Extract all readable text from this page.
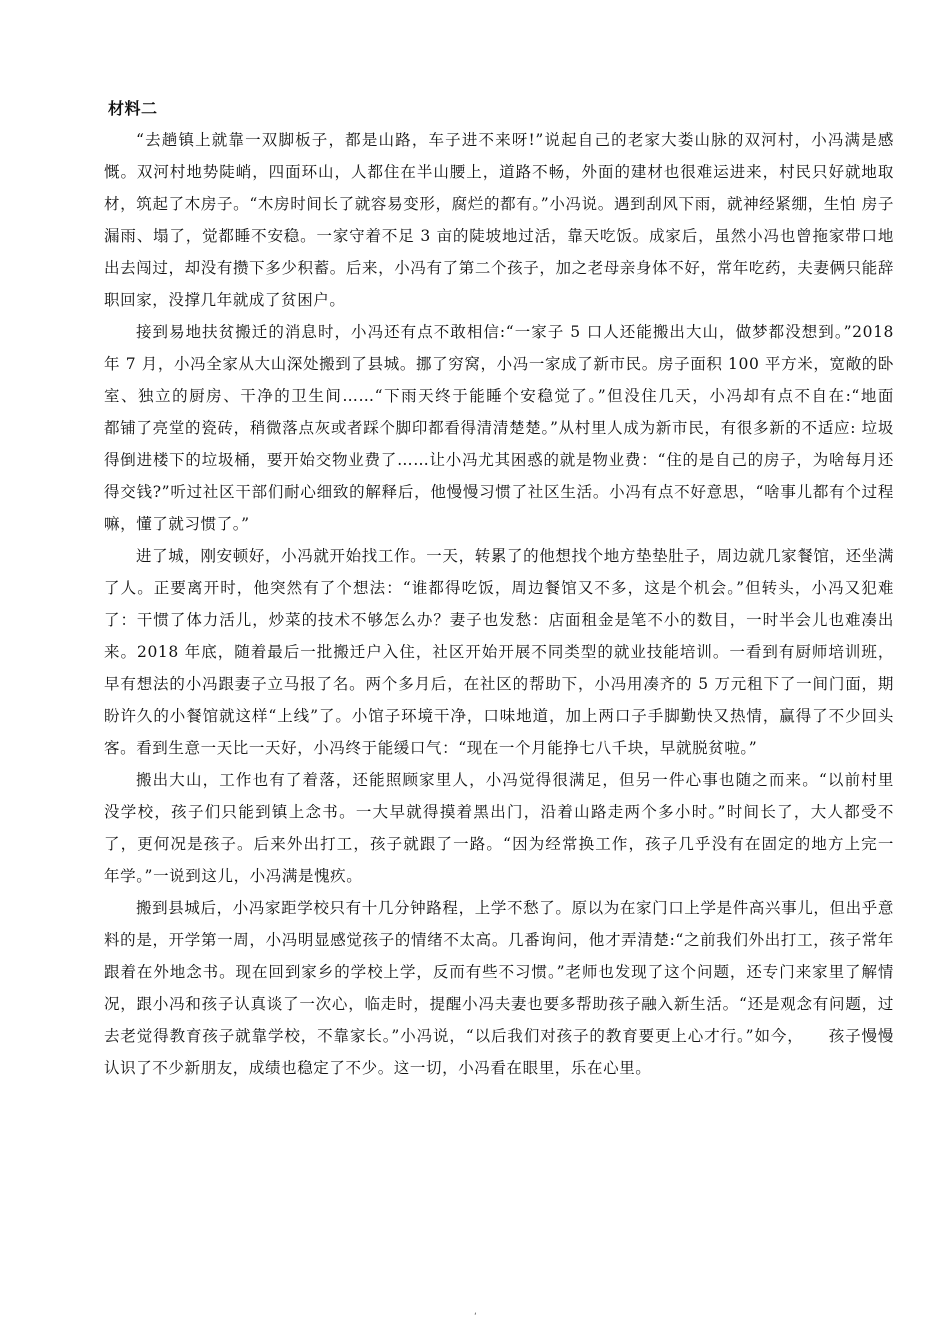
材料二

“去趟镇上就靠一双脚板子，都是山路，车子进不来呀!”说起自己的老家大娄山脉的双河村，小冯满是感　慨。双河村地势陡峭，四面环山，人都住在半山腰上，道路不畅，外面的建材也很难运进来，村民只好就地取材，筑起了木房子。“木房时间长了就容易变形，腐烂的都有。”小冯说。遇到刮风下雨，就神经紧绷，生怕 房子漏雨、塌了，觉都睡不安稳。一家守着不足 3 亩的陡坡地过活，靠天吃饭。成家后，虽然小冯也曾拖家带口地出去闯过，却没有攒下多少积蓄。后来，小冯有了第二个孩子，加之老母亲身体不好，常年吃药，夫妻俩只能辞职回家，没撑几年就成了贫困户。

接到易地扶贫搬迁的消息时，小冯还有点不敢相信:“一家子 5 口人还能搬出大山，做梦都没想到。”2018 年 7 月，小冯全家从大山深处搬到了县城。挪了穷窝，小冯一家成了新市民。房子面积 100 平方米，宽敞的卧室、独立的厨房、干净的卫生间……“下雨天终于能睡个安稳觉了。”但没住几天，小冯却有点不自在:“地面　　都铺了亮堂的瓷砖，稍微落点灰或者踩个脚印都看得清清楚楚。”从村里人成为新市民，有很多新的不适应: 垃圾得倒进楼下的垃圾桶，要开始交物业费了……让小冯尤其困惑的就是物业费：“住的是自己的房子，为啥每月还得交钱?”听过社区干部们耐心细致的解释后，他慢慢习惯了社区生活。小冯有点不好意思，“啥事儿都有个过程嘛，懂了就习惯了。”

进了城，刚安顿好，小冯就开始找工作。一天，转累了的他想找个地方垫垫肚子，周边就几家餐馆，还坐满了人。正要离开时，他突然有了个想法：“谁都得吃饭，周边餐馆又不多，这是个机会。”但转头，小冯又犯难了：干惯了体力活儿，炒菜的技术不够怎么办？妻子也发愁：店面租金是笔不小的数目，一时半会儿也难凑出来。2018 年底，随着最后一批搬迁户入住，社区开始开展不同类型的就业技能培训。一看到有厨师培训班， 早有想法的小冯跟妻子立马报了名。两个多月后，在社区的帮助下，小冯用凑齐的 5 万元租下了一间门面，期盼许久的小餐馆就这样“上线”了。小馆子环境干净，口味地道，加上两口子手脚勤快又热情，赢得了不少回头客。看到生意一天比一天好，小冯终于能缓口气：“现在一个月能挣七八千块，早就脱贫啦。”

搬出大山，工作也有了着落，还能照顾家里人，小冯觉得很满足，但另一件心事也随之而来。“以前村里　没学校，孩子们只能到镇上念书。一大早就得摸着黑出门，沿着山路走两个多小时。”时间长了，大人都受不　　了，更何况是孩子。后来外出打工，孩子就跟了一路。“因为经常换工作，孩子几乎没有在固定的地方上完一　　年学。”一说到这儿，小冯满是愧疚。

搬到县城后，小冯家距学校只有十几分钟路程，上学不愁了。原以为在家门口上学是件高兴事儿，但出乎意料的是，开学第一周，小冯明显感觉孩子的情绪不太高。几番询问，他才弄清楚:“之前我们外出打工，孩子常年跟着在外地念书。现在回到家乡的学校上学，反而有些不习惯。”老师也发现了这个问题，还专门来家里了解情况，跟小冯和孩子认真谈了一次心，临走时，提醒小冯夫妻也要多帮助孩子融入新生活。“还是观念有问题，过去老觉得教育孩子就靠学校，不靠家长。”小冯说，“以后我们对孩子的教育要更上心才行。”如今，　　孩子慢慢认识了不少新朋友，成绩也稳定了不少。这一切，小冯看在眼里，乐在心里。

‘
